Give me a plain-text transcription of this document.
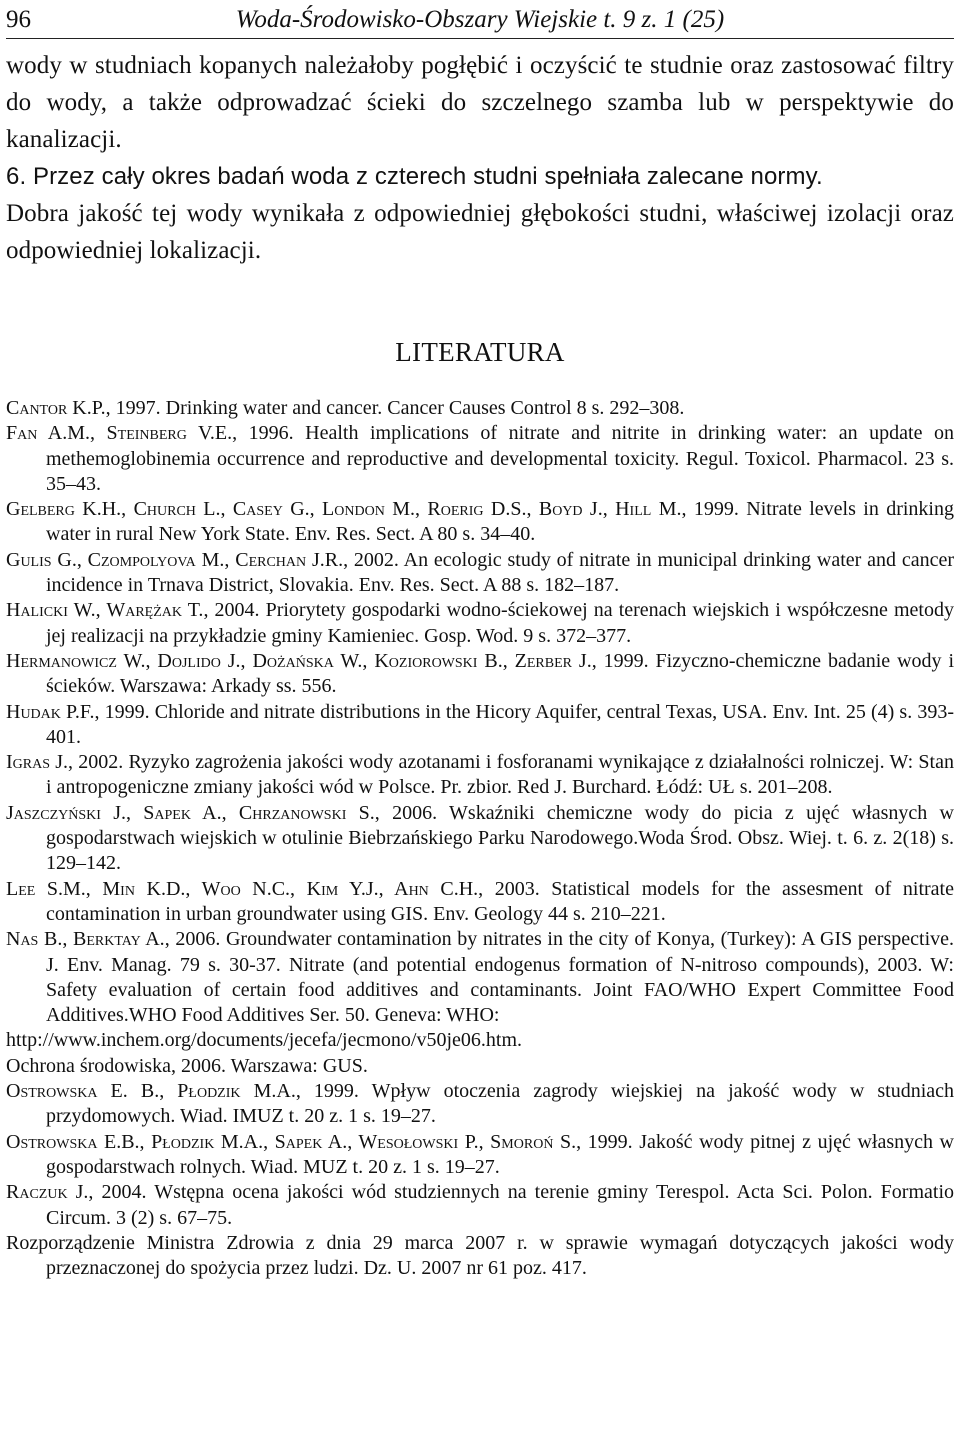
96	Woda-Środowisko-Obszary Wiejskie t. 9 z. 1 (25)

wody w studniach kopanych należałoby pogłębić i oczyścić te studnie oraz zastosować filtry do wody, a także odprowadzać ścieki do szczelnego szamba lub w perspektywie do kanalizacji.

6. Przez cały okres badań woda z czterech studni spełniała zalecane normy.

Dobra jakość tej wody wynikała z odpowiedniej głębokości studni, właściwej izolacji oraz odpowiedniej lokalizacji.

LITERATURA

Cantor K.P., 1997. Drinking water and cancer. Cancer Causes Control 8 s. 292–308.

Fan A.M., Steinberg V.E., 1996. Health implications of nitrate and nitrite in drinking water: an update on methemoglobinemia occurrence and reproductive and developmental toxicity. Regul. Toxicol. Pharmacol. 23 s. 35–43.

Gelberg K.H., Church L., Casey G., London M., Roerig D.S., Boyd J., Hill M., 1999. Nitrate levels in drinking water in rural New York State. Env. Res. Sect. A 80 s. 34–40.

Gulis G., Czompolyova M., Cerchan J.R., 2002. An ecologic study of nitrate in municipal drinking water and cancer incidence in Trnava District, Slovakia. Env. Res. Sect. A 88 s. 182–187.

Halicki W., Warężak T., 2004. Priorytety gospodarki wodno-ściekowej na terenach wiejskich i współczesne metody jej realizacji na przykładzie gminy Kamieniec. Gosp. Wod. 9 s. 372–377.

Hermanowicz W., Dojlido J., Dożańska W., Koziorowski B., Zerber J., 1999. Fizyczno-chemiczne badanie wody i ścieków. Warszawa: Arkady ss. 556.

Hudak P.F., 1999. Chloride and nitrate distributions in the Hicory Aquifer, central Texas, USA. Env. Int. 25 (4) s. 393-401.

Igras J., 2002. Ryzyko zagrożenia jakości wody azotanami i fosforanami wynikające z działalności rolniczej. W: Stan i antropogeniczne zmiany jakości wód w Polsce. Pr. zbior. Red J. Burchard. Łódź: UŁ s. 201–208.

Jaszczyński J., Sapek A., Chrzanowski S., 2006. Wskaźniki chemiczne wody do picia z ujęć własnych w gospodarstwach wiejskich w otulinie Biebrzańskiego Parku Narodowego.Woda Środ. Obsz. Wiej. t. 6. z. 2(18) s. 129–142.

Lee S.M., Min K.D., Woo N.C., Kim Y.J., Ahn C.H., 2003. Statistical models for the assesment of nitrate contamination in urban groundwater using GIS. Env. Geology 44 s. 210–221.

Nas B., Berktay A., 2006. Groundwater contamination by nitrates in the city of Konya, (Turkey): A GIS perspective. J. Env. Manag. 79 s. 30-37. Nitrate (and potential endogenus formation of N-nitroso compounds), 2003. W: Safety evaluation of certain food additives and contaminants. Joint FAO/WHO Expert Committee Food Additives.WHO Food Additives Ser. 50. Geneva: WHO:

http://www.inchem.org/documents/jecefa/jecmono/v50je06.htm.

Ochrona środowiska, 2006. Warszawa: GUS.

Ostrowska E. B., Płodzik M.A., 1999. Wpływ otoczenia zagrody wiejskiej na jakość wody w studniach przydomowych. Wiad. IMUZ t. 20 z. 1 s. 19–27.

Ostrowska E.B., Płodzik M.A., Sapek A., Wesołowski P., Smoroń S., 1999. Jakość wody pitnej z ujęć własnych w gospodarstwach rolnych. Wiad. MUZ t. 20 z. 1 s. 19–27.

Raczuk J., 2004. Wstępna ocena jakości wód studziennych na terenie gminy Terespol. Acta Sci. Polon. Formatio Circum. 3 (2) s. 67–75.

Rozporządzenie Ministra Zdrowia z dnia 29 marca 2007 r. w sprawie wymagań dotyczących jakości wody przeznaczonej do spożycia przez ludzi. Dz. U. 2007 nr 61 poz. 417.
